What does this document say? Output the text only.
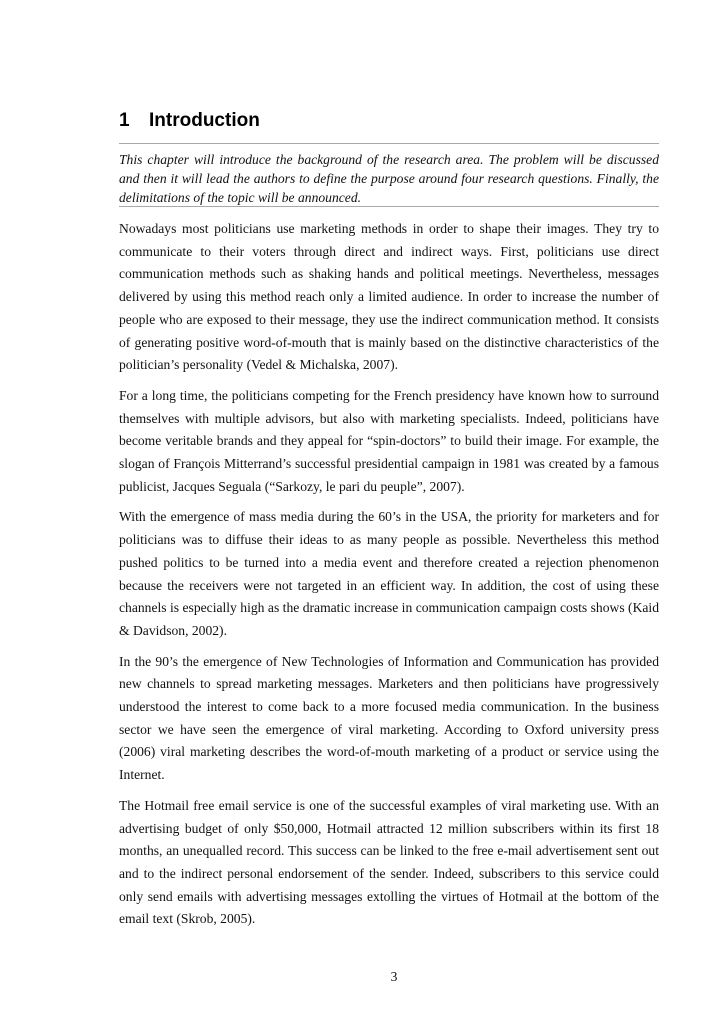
1 Introduction

This chapter will introduce the background of the research area. The problem will be discussed and then it will lead the authors to define the purpose around four research questions. Finally, the delimitations of the topic will be announced.

Nowadays most politicians use marketing methods in order to shape their images. They try to communicate to their voters through direct and indirect ways. First, politicians use direct communication methods such as shaking hands and political meetings. Nevertheless, messages delivered by using this method reach only a limited audience. In order to increase the number of people who are exposed to their message, they use the indirect communication method. It consists of generating positive word-of-mouth that is mainly based on the distinctive characteristics of the politician’s personality (Vedel & Michalska, 2007).

For a long time, the politicians competing for the French presidency have known how to surround themselves with multiple advisors, but also with marketing specialists. Indeed, politicians have become veritable brands and they appeal for “spin-doctors” to build their image. For example, the slogan of François Mitterrand’s successful presidential campaign in 1981 was created by a famous publicist, Jacques Seguala (“Sarkozy, le pari du peuple”, 2007).

With the emergence of mass media during the 60’s in the USA, the priority for marketers and for politicians was to diffuse their ideas to as many people as possible. Nevertheless this method pushed politics to be turned into a media event and therefore created a rejection phenomenon because the receivers were not targeted in an efficient way. In addition, the cost of using these channels is especially high as the dramatic increase in communication campaign costs shows (Kaid & Davidson, 2002).

In the 90’s the emergence of New Technologies of Information and Communication has provided new channels to spread marketing messages. Marketers and then politicians have progressively understood the interest to come back to a more focused media communication. In the business sector we have seen the emergence of viral marketing. According to Oxford university press (2006) viral marketing describes the word-of-mouth marketing of a product or service using the Internet.

The Hotmail free email service is one of the successful examples of viral marketing use. With an advertising budget of only $50,000, Hotmail attracted 12 million subscribers within its first 18 months, an unequalled record. This success can be linked to the free e-mail advertisement sent out and to the indirect personal endorsement of the sender. Indeed, subscribers to this service could only send emails with advertising messages extolling the virtues of Hotmail at the bottom of the email text (Skrob, 2005).

3
